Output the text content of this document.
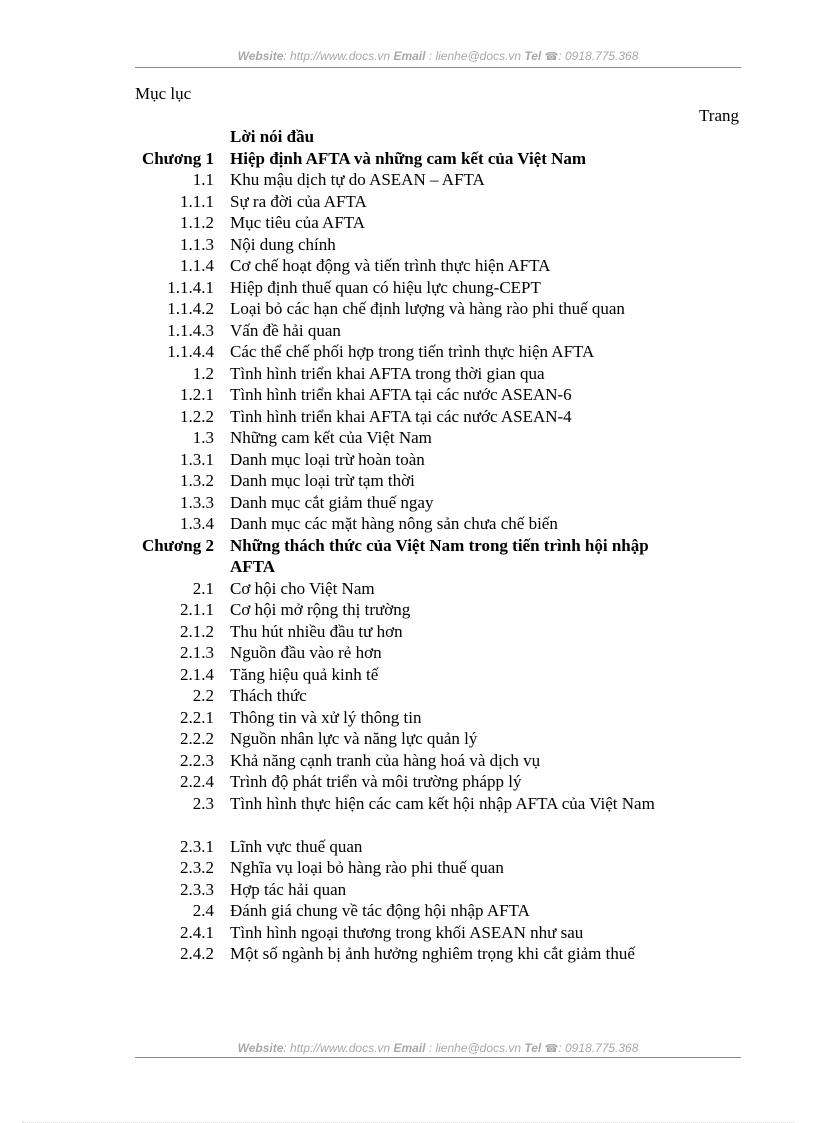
Website: http://www.docs.vn Email : lienhe@docs.vn Tel ☎: 0918.775.368
Mục lục
Trang
Lời nói đầu
Chương 1 Hiệp định AFTA và những cam kết của Việt Nam
1.1 Khu mậu dịch tự do ASEAN – AFTA
1.1.1 Sự ra đời của AFTA
1.1.2 Mục tiêu của AFTA
1.1.3 Nội dung chính
1.1.4 Cơ chế hoạt động và tiến trình thực hiện AFTA
1.1.4.1 Hiệp định thuế quan có hiệu lực chung-CEPT
1.1.4.2 Loại bỏ các hạn chế định lượng và hàng rào phi thuế quan
1.1.4.3 Vấn đề hải quan
1.1.4.4 Các thể chế phối hợp trong tiến trình thực hiện AFTA
1.2 Tình hình triển khai AFTA trong thời gian qua
1.2.1 Tình hình triển khai AFTA tại các nước ASEAN-6
1.2.2 Tình hình triển khai AFTA tại các nước ASEAN-4
1.3 Những cam kết của Việt Nam
1.3.1 Danh mục loại trừ hoàn toàn
1.3.2 Danh mục loại trừ tạm thời
1.3.3 Danh mục cắt giảm thuế ngay
1.3.4 Danh mục các mặt hàng nông sản chưa chế biến
Chương 2 Những thách thức của Việt Nam trong tiến trình hội nhập AFTA
2.1 Cơ hội cho Việt Nam
2.1.1 Cơ hội mở rộng thị trường
2.1.2 Thu hút nhiều đầu tư hơn
2.1.3 Nguồn đầu vào rẻ hơn
2.1.4 Tăng hiệu quả kinh tế
2.2 Thách thức
2.2.1 Thông tin và xử lý thông tin
2.2.2 Nguồn nhân lực và năng lực quản lý
2.2.3 Khả năng cạnh tranh của hàng hoá và dịch vụ
2.2.4 Trình độ phát triển và môi trường phápp lý
2.3 Tình hình thực hiện các cam kết hội nhập AFTA của Việt Nam
2.3.1 Lĩnh vực thuế quan
2.3.2 Nghĩa vụ loại bỏ hàng rào phi thuế quan
2.3.3 Hợp tác hải quan
2.4 Đánh giá chung về tác động hội nhập AFTA
2.4.1 Tình hình ngoại thương trong khối ASEAN như sau
2.4.2 Một số ngành bị ảnh hưởng nghiêm trọng khi cắt giảm thuế
Website: http://www.docs.vn Email : lienhe@docs.vn Tel ☎: 0918.775.368
